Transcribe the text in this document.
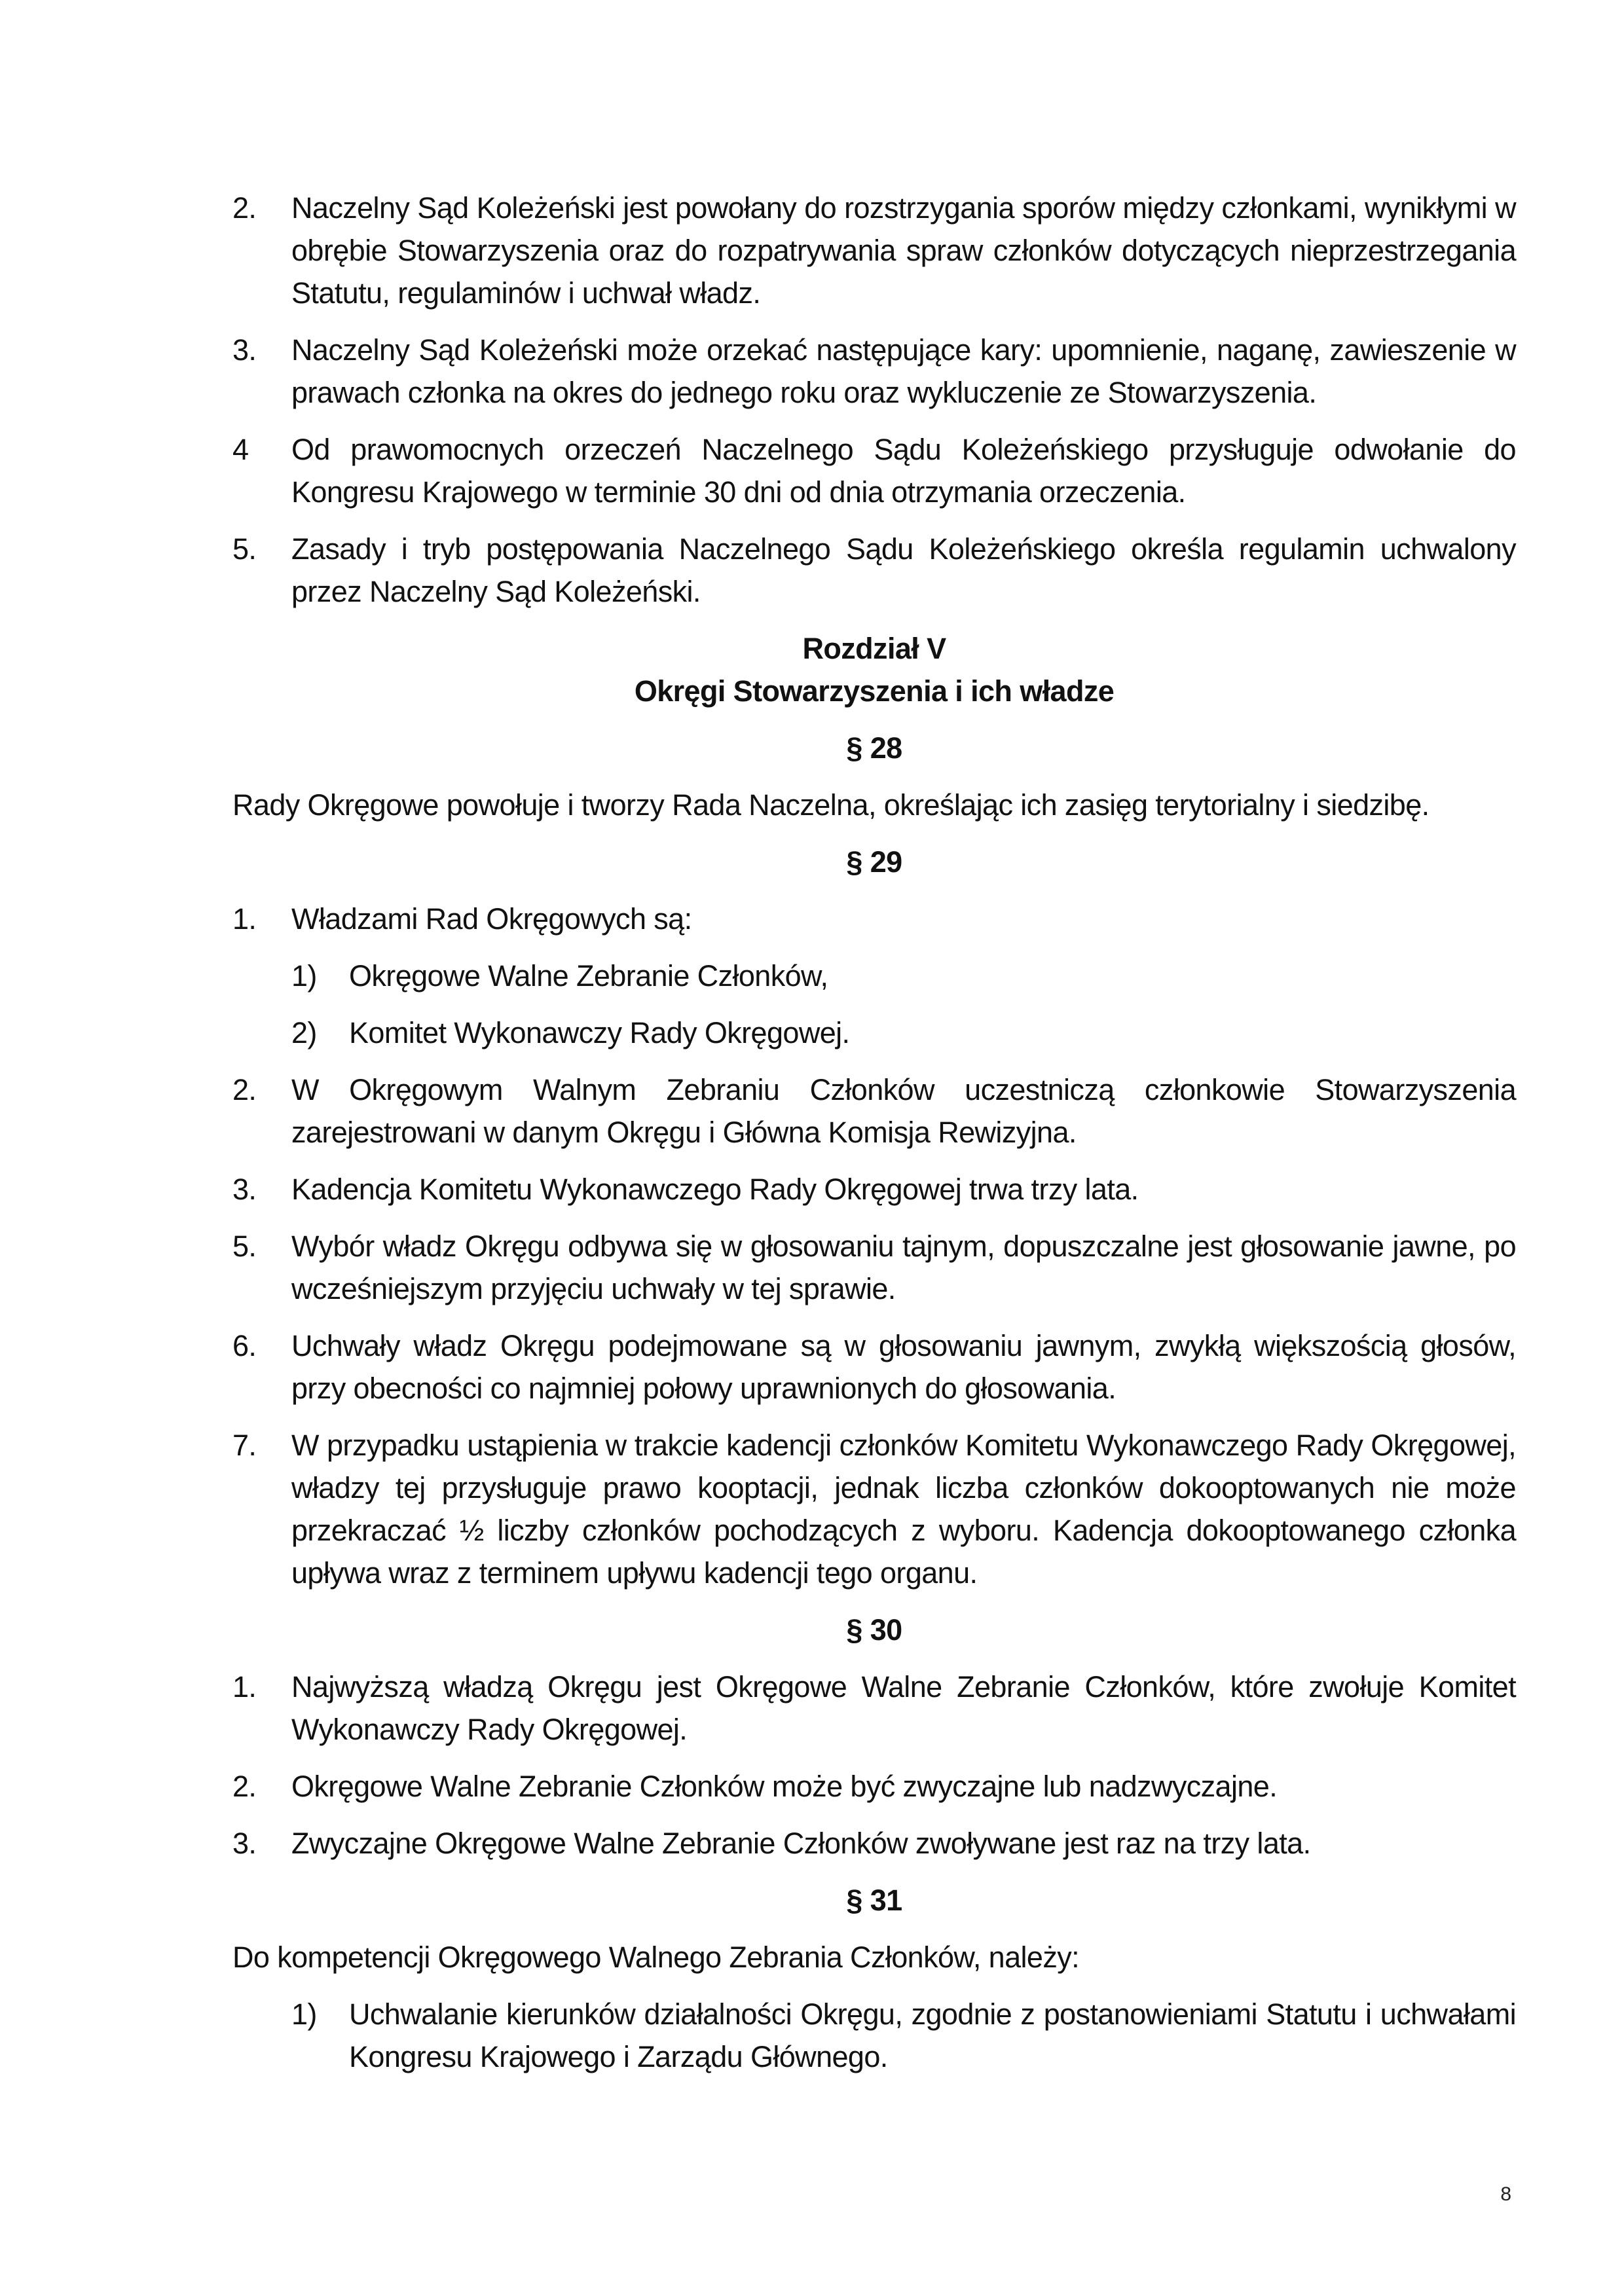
2.	Naczelny Sąd Koleżeński jest powołany do rozstrzygania sporów między członkami, wynikłymi w obrębie Stowarzyszenia oraz do rozpatrywania spraw członków dotyczących nieprzestrzegania Statutu, regulaminów i uchwał władz.
3.	Naczelny Sąd Koleżeński może orzekać następujące kary: upomnienie, naganę, zawieszenie w prawach członka na okres do jednego roku oraz wykluczenie ze Stowarzyszenia.
4	Od prawomocnych orzeczeń Naczelnego Sądu Koleżeńskiego przysługuje odwołanie do Kongresu Krajowego w terminie 30 dni od dnia otrzymania orzeczenia.
5.	Zasady i tryb postępowania Naczelnego Sądu Koleżeńskiego określa regulamin uchwalony przez Naczelny Sąd Koleżeński.
Rozdział V
Okręgi Stowarzyszenia i ich władze
§ 28
Rady Okręgowe powołuje i tworzy Rada Naczelna, określając ich zasięg terytorialny i siedzibę.
§ 29
1.	Władzami Rad Okręgowych są:
1)	Okręgowe Walne Zebranie Członków,
2)	Komitet Wykonawczy Rady Okręgowej.
2.	W Okręgowym Walnym Zebraniu Członków uczestniczą członkowie Stowarzyszenia zarejestrowani w danym Okręgu i Główna Komisja Rewizyjna.
3.	Kadencja Komitetu Wykonawczego Rady Okręgowej trwa trzy lata.
5.	Wybór władz Okręgu odbywa się w głosowaniu tajnym, dopuszczalne jest głosowanie jawne, po wcześniejszym przyjęciu uchwały w tej sprawie.
6.	Uchwały władz Okręgu podejmowane są w głosowaniu jawnym, zwykłą większością głosów, przy obecności co najmniej połowy uprawnionych do głosowania.
7.	W przypadku ustąpienia w trakcie kadencji członków Komitetu Wykonawczego Rady Okręgowej, władzy tej przysługuje prawo kooptacji, jednak liczba członków dokooptowanych nie może przekraczać ½ liczby członków pochodzących z wyboru. Kadencja dokooptowanego członka upływa wraz z terminem upływu kadencji tego organu.
§ 30
1.	Najwyższą władzą Okręgu jest Okręgowe Walne Zebranie Członków, które zwołuje Komitet Wykonawczy Rady Okręgowej.
2.	Okręgowe Walne Zebranie Członków może być zwyczajne lub nadzwyczajne.
3.	Zwyczajne Okręgowe Walne Zebranie Członków zwoływane jest raz na trzy lata.
§ 31
Do kompetencji Okręgowego Walnego Zebrania Członków, należy:
1)	Uchwalanie kierunków działalności Okręgu, zgodnie z postanowieniami Statutu i uchwałami Kongresu Krajowego i Zarządu Głównego.
8
